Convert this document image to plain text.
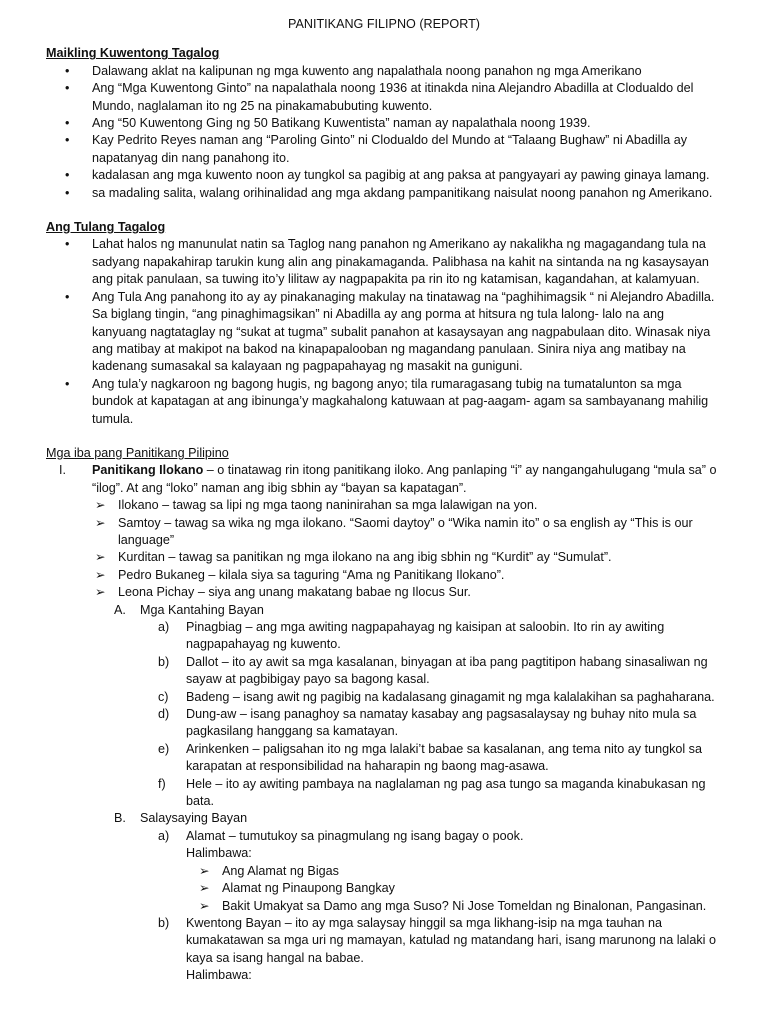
PANITIKANG FILIPNO (REPORT)
Maikling Kuwentong Tagalog
• Dalawang aklat na kalipunan ng mga kuwento ang napalathala noong panahon ng mga Amerikano
• Ang “Mga Kuwentong Ginto” na napalathala noong 1936 at itinakda nina Alejandro Abadilla at Clodualdo del Mundo, naglalaman ito ng 25 na pinakamabubuting kuwento.
• Ang “50 Kuwentong Ging ng 50 Batikang Kuwentista” naman ay napalathala noong 1939.
• Kay Pedrito Reyes naman ang “Paroling Ginto” ni Clodualdo del Mundo at “Talaang Bughaw” ni Abadilla ay napatanyag din nang panahong ito.
• kadalasan ang mga kuwento noon ay tungkol sa pagibig at ang paksa at pangyayari ay pawing ginaya lamang.
• sa madaling salita, walang orihinalidad ang mga akdang pampanitikang naisulat noong panahon ng Amerikano.
Ang Tulang Tagalog
• Lahat halos ng manunulat natin sa Taglog nang panahon ng Amerikano ay nakalikha ng magagandang tula na sadyang napakahirap tarukin kung alin ang pinakamaganda. Palibhasa na kahit na sintanda na ng kasaysayan ang pitak panulaan, sa tuwing ito’y lilitaw ay nagpapakita pa rin ito ng katamisan, kagandahan, at kalamyuan.
• Ang Tula Ang panahong ito ay ay pinakanaging makulay na tinatawag na “paghihimagsik “ ni Alejandro Abadilla. Sa biglang tingin, “ang pinaghimagsikan” ni Abadilla ay ang porma at hitsura ng tula lalong- lalo na ang kanyuang nagtataglay ng “sukat at tugma” subalit panahon at kasaysayan ang nagpabulaan dito. Winasak niya ang matibay at makipot na bakod na kinapapalooban ng magandang panulaan. Sinira niya ang matibay na kadenang sumasakal sa kalayaan ng pagpapahayag ng masakit na guniguni.
• Ang tula’y nagkaroon ng bagong hugis, ng bagong anyo; tila rumaragasang tubig na tumatalunton sa mga bundok at kapatagan at ang ibinunga’y magkahalong katuwaan at pag-aagam- agam sa sambayanang mahilig tumula.
Mga iba pang Panitikang Pilipino
I. Panitikang Ilokano – o tinatawag rin itong panitikang iloko. Ang panlaping “i” ay nangangahulugang “mula sa” o “ilog”. At ang “loko” naman ang ibig sbhin ay “bayan sa kapatagan”.
➢ Ilokano – tawag sa lipi ng mga taong naninirahan sa mga lalawigan na yon.
➢ Samtoy – tawag sa wika ng mga ilokano. “Saomi daytoy” o “Wika namin ito” o sa english ay “This is our language”
➢ Kurditan – tawag sa panitikan ng mga ilokano na ang ibig sbhin ng “Kurdit” ay “Sumulat”.
➢ Pedro Bukaneg – kilala siya sa taguring “Ama ng Panitikang Ilokano”.
➢ Leona Pichay – siya ang unang makatang babae ng Ilocus Sur.
A.	Mga Kantahing Bayan
a) Pinagbiag – ang mga awiting nagpapahayag ng kaisipan at saloobin. Ito rin ay awiting nagpapahayag ng kuwento.
b) Dallot – ito ay awit sa mga kasalanan, binyagan at iba pang pagtitipon habang sinasaliwan ng sayaw at pagbibigay payo sa bagong kasal.
c) Badeng – isang awit ng pagibig na kadalasang ginagamit ng mga kalalakihan sa paghaharana.
d) Dung-aw – isang panaghoy sa namatay kasabay ang pagsasalaysay ng buhay nito mula sa pagkasilang hanggang sa kamatayan.
e) Arinkenken – paligsahan ito ng mga lalaki’t babae sa kasalanan, ang tema nito ay tungkol sa karapatan at responsibilidad na haharapin ng baong mag-asawa.
f) Hele – ito ay awiting pambaya na naglalaman ng pag asa tungo sa maganda kinabukasan ng bata.
B.	Salaysaying Bayan
a) Alamat – tumutukoy sa pinagmulang ng isang bagay o pook.
Halimbawa:
➢ Ang Alamat ng Bigas
➢ Alamat ng Pinaupong Bangkay
➢ Bakit Umakyat sa Damo ang mga Suso? Ni Jose Tomeldan ng Binalonan, Pangasinan.
b) Kwentong Bayan – ito ay mga salaysay hinggil sa mga likhang-isip na mga tauhan na kumakatawan sa mga uri ng mamayan, katulad ng matandang hari, isang marunong na lalaki o kaya sa isang hangal na babae.
Halimbawa:
